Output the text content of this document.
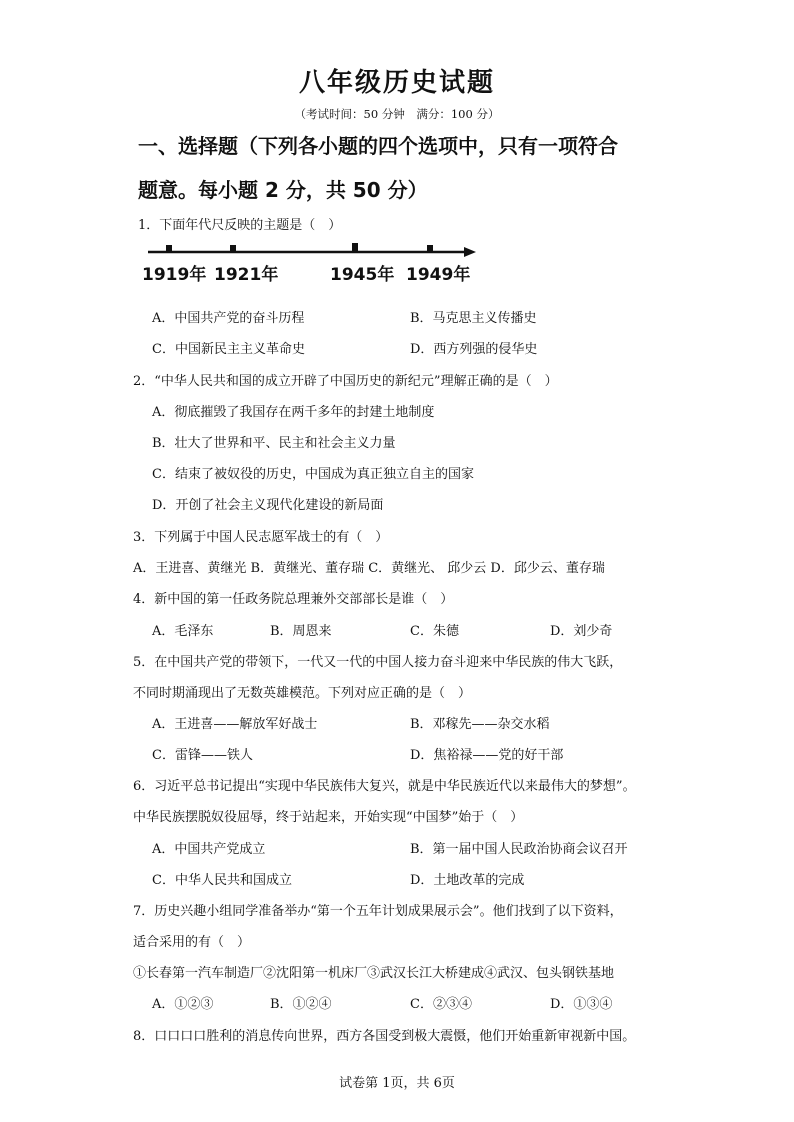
八年级历史试题
（考试时间：50 分钟　满分：100 分）
一、选择题（下列各小题的四个选项中，只有一项符合
题意。每小题 2 分，共 50 分）
1．下面年代尺反映的主题是（　）
1919年 1921年	1945年 1949年
A．中国共产党的奋斗历程	B．马克思主义传播史
C．中国新民主主义革命史	D．西方列强的侵华史
2．“中华人民共和国的成立开辟了中国历史的新纪元”理解正确的是（　）
A．彻底摧毁了我国存在两千多年的封建土地制度
B．壮大了世界和平、民主和社会主义力量
C．结束了被奴役的历史，中国成为真正独立自主的国家
D．开创了社会主义现代化建设的新局面
3．下列属于中国人民志愿军战士的有（　）
A．王进喜、黄继光 B．黄继光、董存瑞 C．黄继光、 邱少云 D．邱少云、董存瑞
4．新中国的第一任政务院总理兼外交部部长是谁（　）
A．毛泽东	B．周恩来	C．朱德	D．刘少奇
5．在中国共产党的带领下，一代又一代的中国人接力奋斗迎来中华民族的伟大飞跃，
不同时期涌现出了无数英雄模范。下列对应正确的是（　）
A．王进喜——解放军好战士	B．邓稼先——杂交水稻
C．雷锋——铁人	D．焦裕禄——党的好干部
6．习近平总书记提出“实现中华民族伟大复兴，就是中华民族近代以来最伟大的梦想”。
中华民族摆脱奴役屈辱，终于站起来，开始实现“中国梦”始于（　）
A．中国共产党成立	B．第一届中国人民政治协商会议召开
C．中华人民共和国成立	D．土地改革的完成
7．历史兴趣小组同学准备举办“第一个五年计划成果展示会”。他们找到了以下资料，
适合采用的有（　）
①长春第一汽车制造厂②沈阳第一机床厂③武汉长江大桥建成④武汉、包头钢铁基地
A．①②③	B．①②④	C．②③④	D．①③④
8．口口口口胜利的消息传向世界，西方各国受到极大震慑，他们开始重新审视新中国。
试卷第 1页，共 6页
